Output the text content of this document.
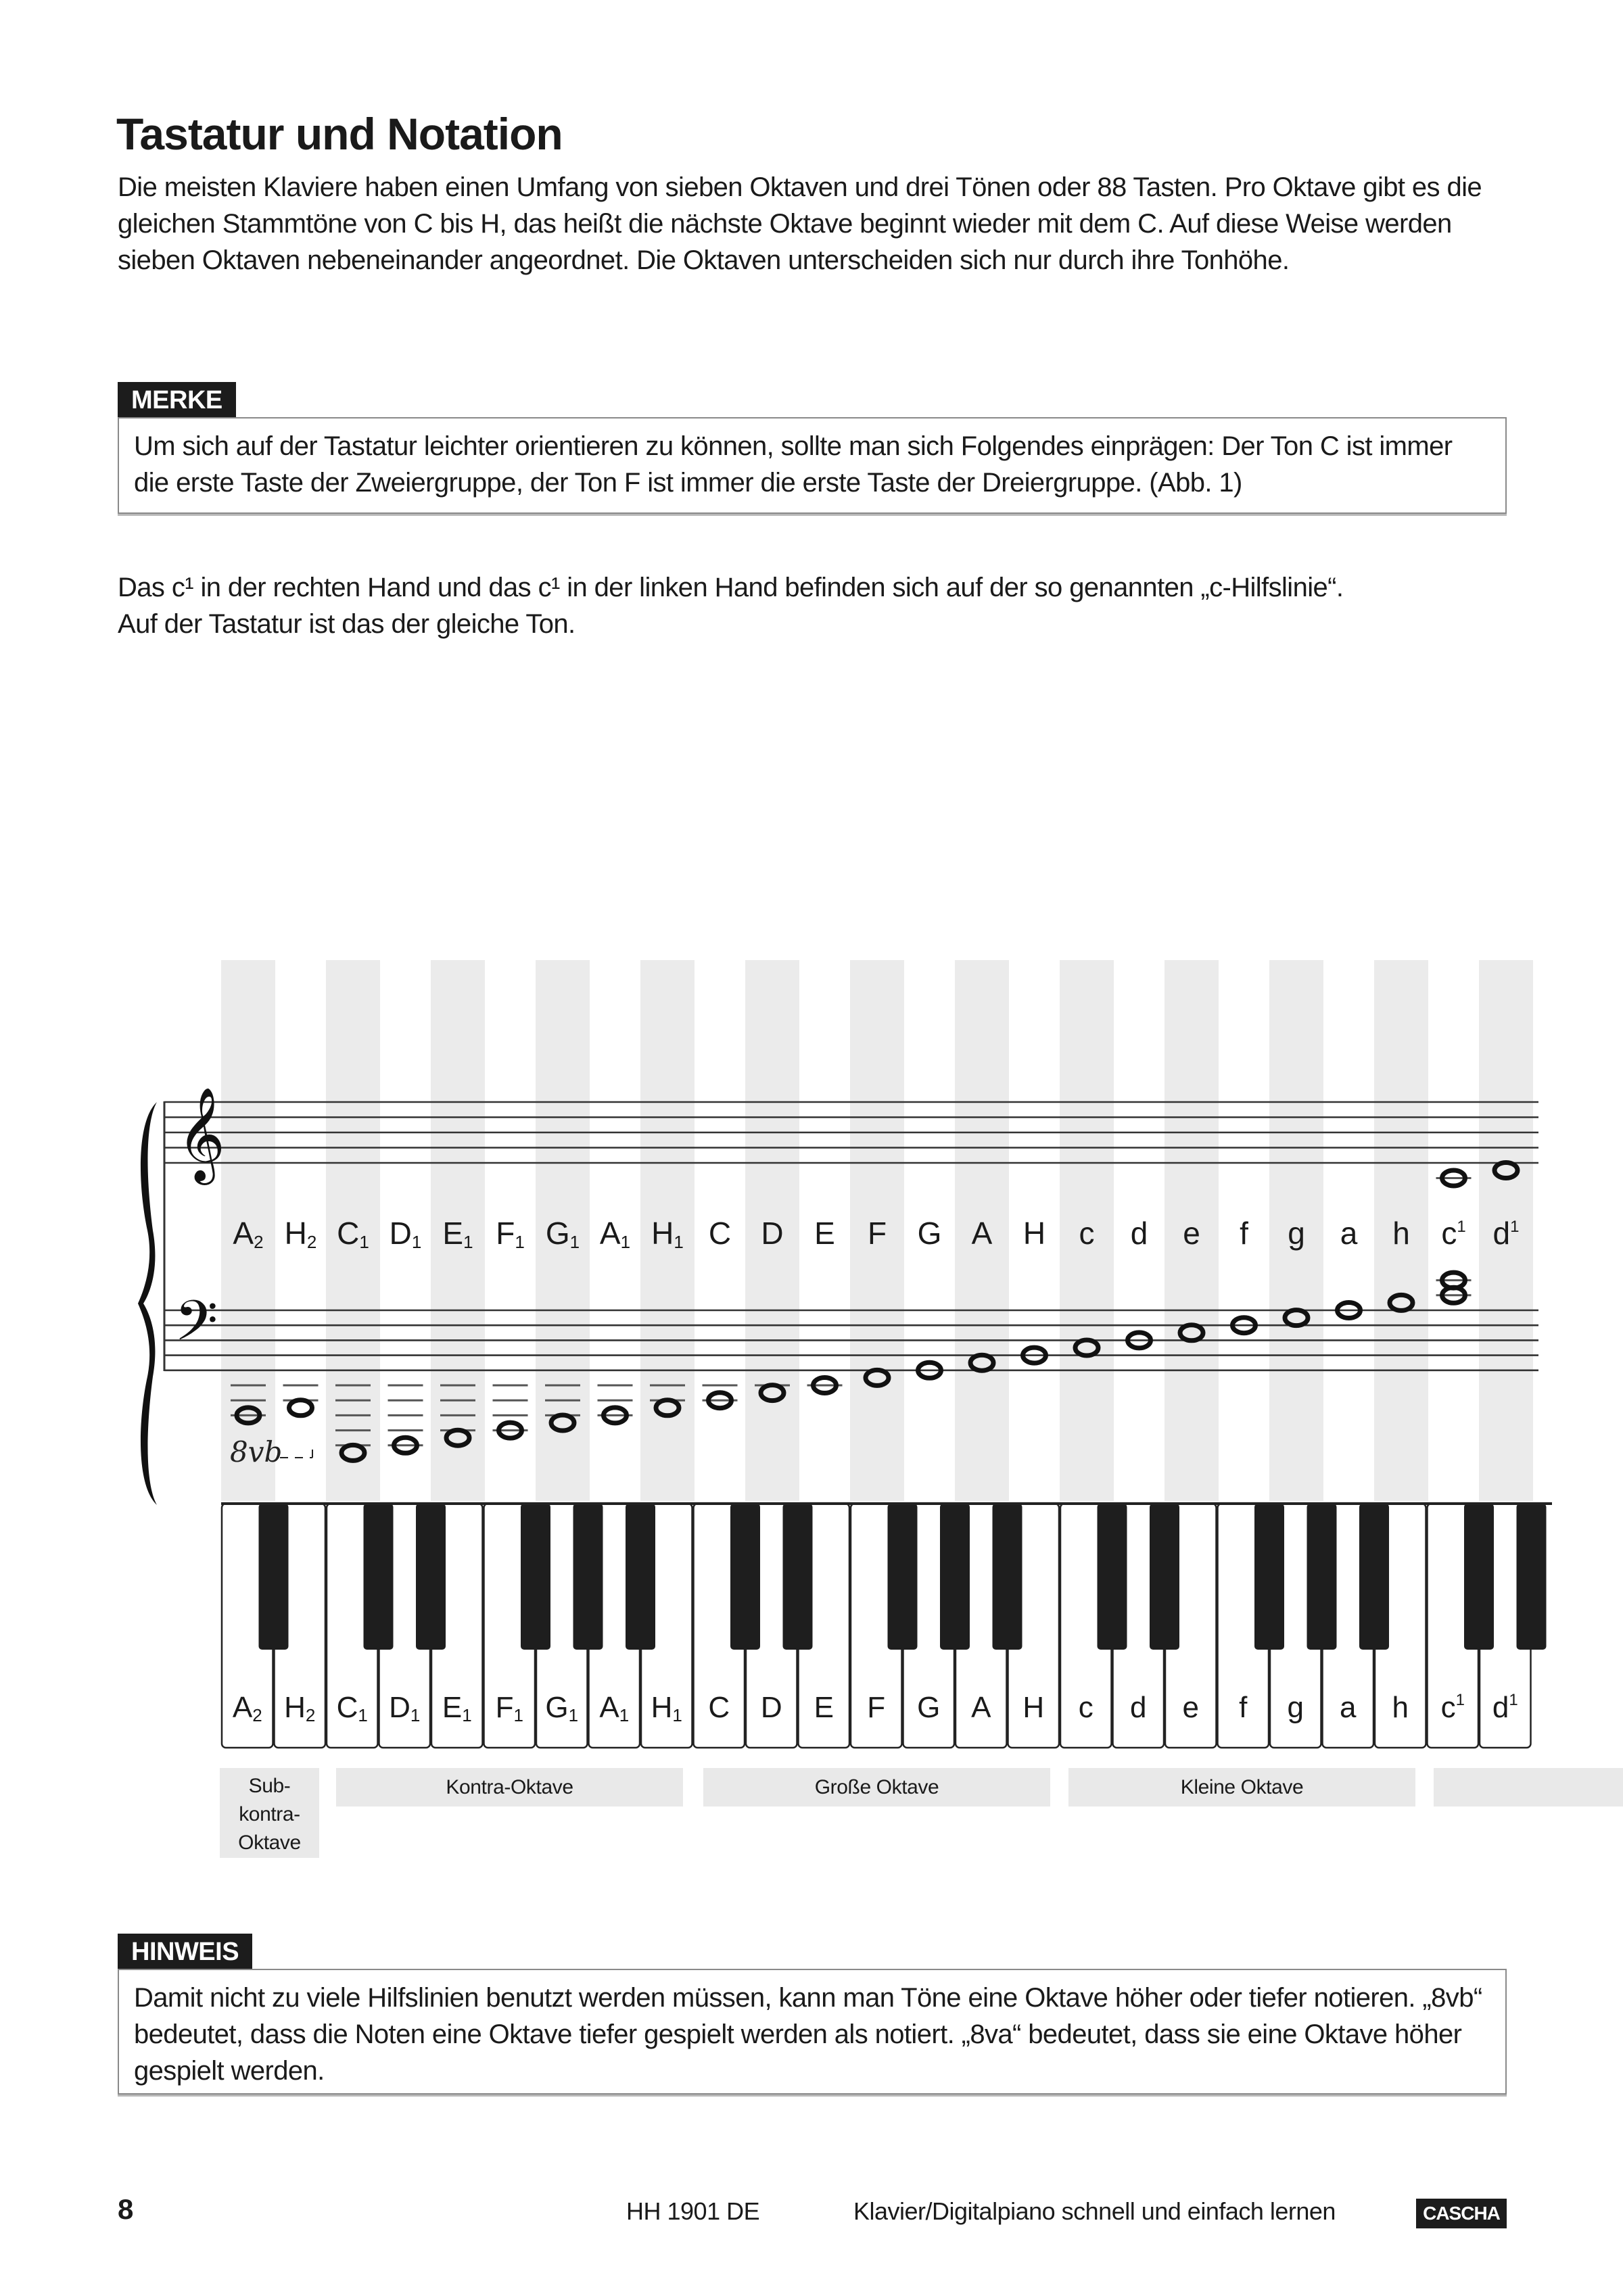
Tastatur und Notation
Die meisten Klaviere haben einen Umfang von sieben Oktaven und drei Tönen oder 88 Tasten. Pro Oktave gibt es die gleichen Stammtöne von C bis H, das heißt die nächste Oktave beginnt wieder mit dem C. Auf diese Weise werden sieben Oktaven nebeneinander angeordnet. Die Oktaven unterscheiden sich nur durch ihre Tonhöhe.
MERKE
Um sich auf der Tastatur leichter orientieren zu können, sollte man sich Folgendes einprägen: Der Ton C ist immer die erste Taste der Zweiergruppe, der Ton F ist immer die erste Taste der Dreiergruppe. (Abb. 1)
Das c¹ in der rechten Hand und das c¹ in der linken Hand befinden sich auf der so genannten „c-Hilfslinie“.
Auf der Tastatur ist das der gleiche Ton.
𝄞
𝄢
A2 H2 C1 D1 E1 F1 G1 A1 H1 C D E F G A H c d e f g a h $c^1$ $d^1$
8vb
A2 H2 C1 D1 E1 F1 G1 A1 H1 C D E F G A H c d e f g a h $c^1$ $d^1$
Sub-
kontra-
Oktave
Kontra-Oktave	Große Oktave	Kleine Oktave
HINWEIS
Damit nicht zu viele Hilfslinien benutzt werden müssen, kann man Töne eine Oktave höher oder tiefer notieren. „8vb“ bedeutet, dass die Noten eine Oktave tiefer gespielt werden als notiert. „8va“ bedeutet, dass sie eine Oktave höher gespielt werden.
8	HH 1901 DE	Klavier/Digitalpiano schnell und einfach lernen	CASCHA
